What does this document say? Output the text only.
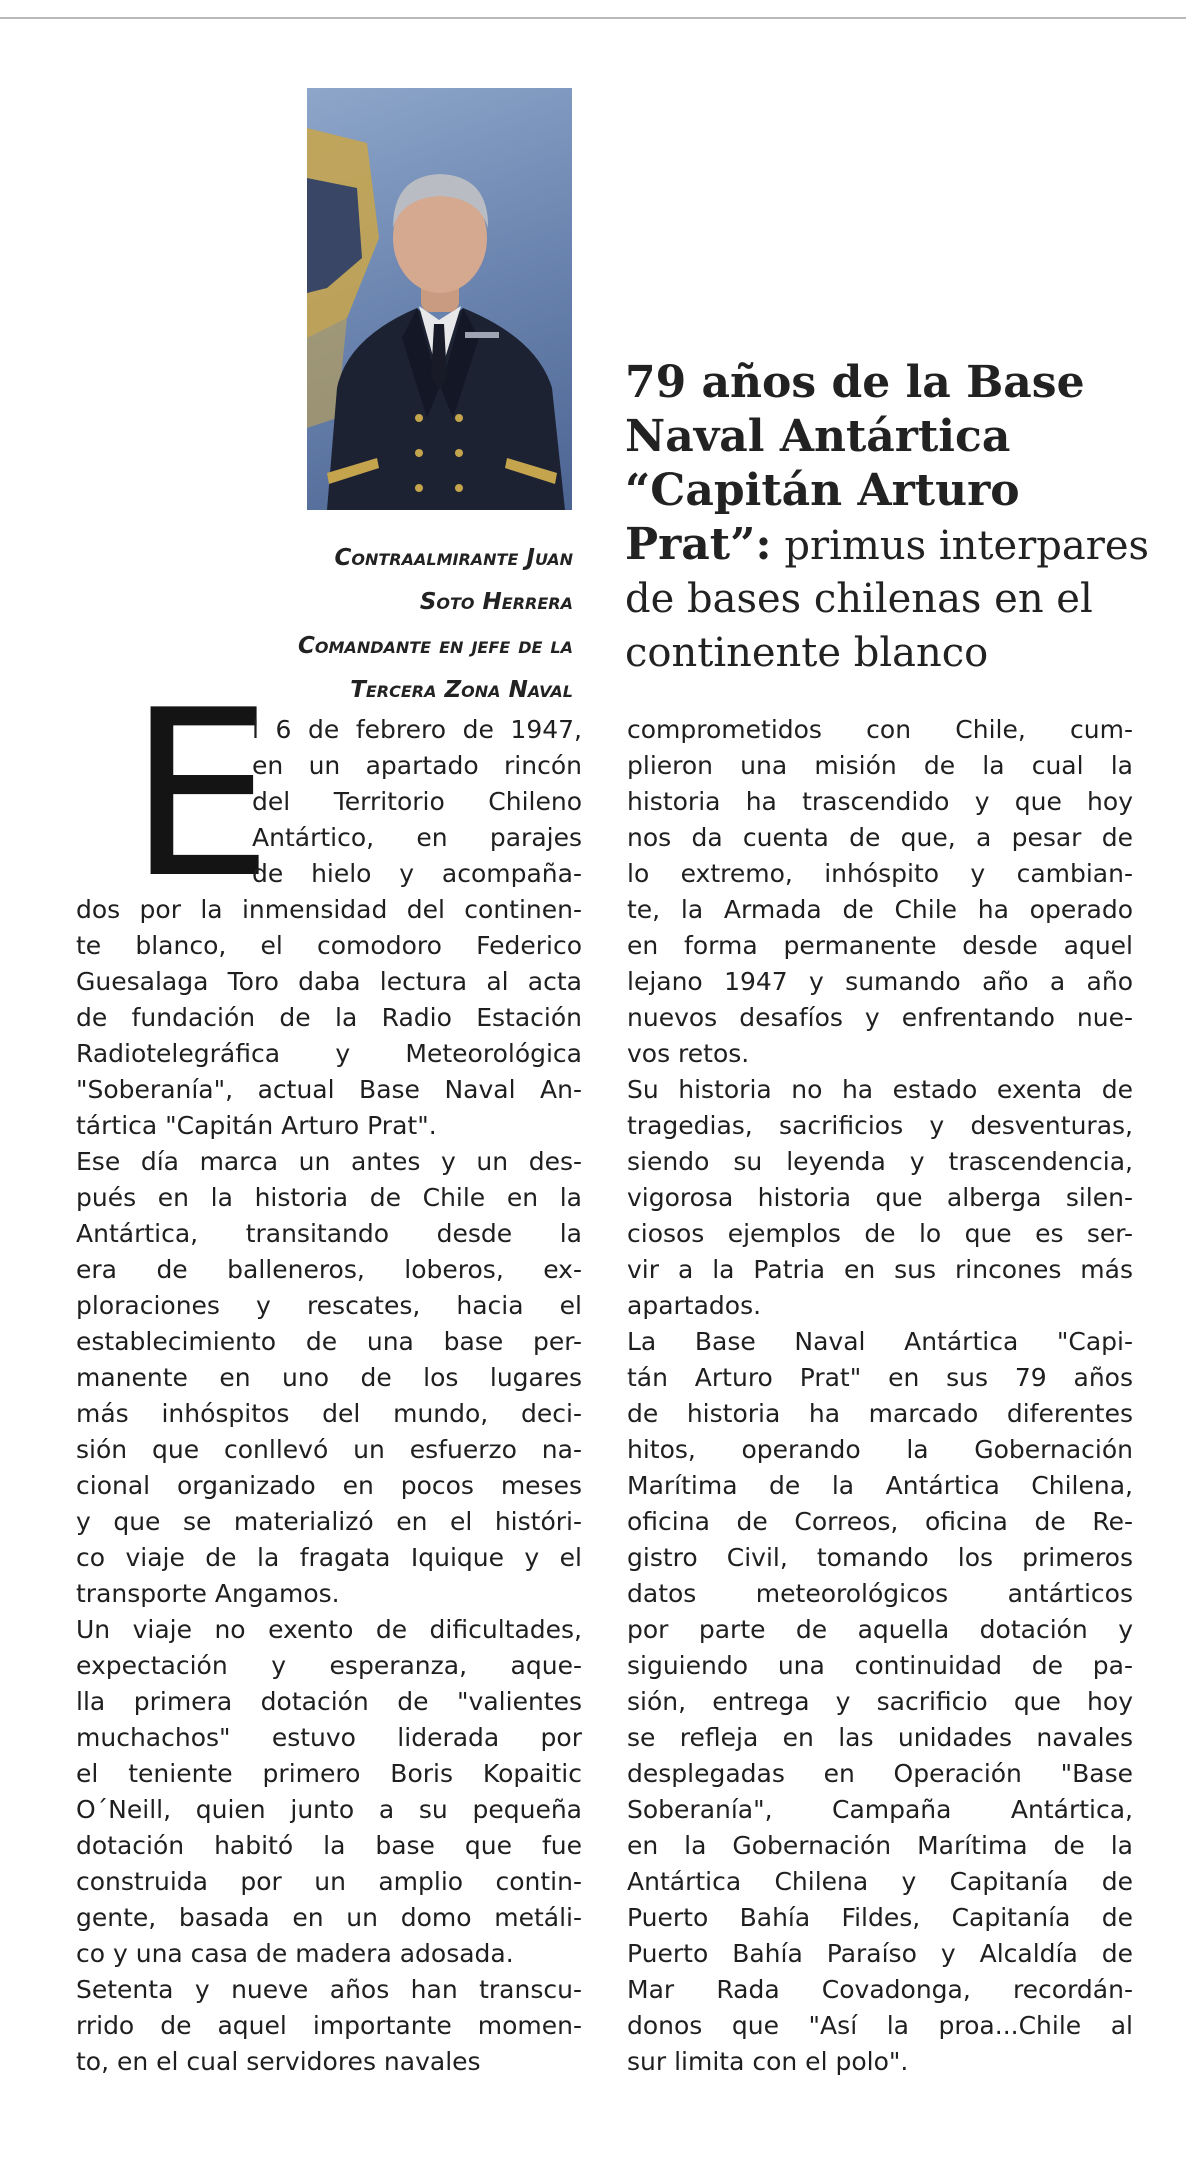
Contraalmirante Juan
Soto Herrera
Comandante en jefe de la
Tercera Zona Naval
79 años de la Base
Naval Antártica
“Capitán Arturo
Prat”: primus interpares
de bases chilenas en el
continente blanco
E
l 6 de febrero de 1947,
en un apartado rincón
del Territorio Chileno
Antártico, en parajes
de hielo y acompaña-
dos por la inmensidad del continen-
te blanco, el comodoro Federico
Guesalaga Toro daba lectura al acta
de fundación de la Radio Estación
Radiotelegráfica y Meteorológica
"Soberanía", actual Base Naval An-
tártica "Capitán Arturo Prat".
Ese día marca un antes y un des-
pués en la historia de Chile en la
Antártica, transitando desde la
era de balleneros, loberos, ex-
ploraciones y rescates, hacia el
establecimiento de una base per-
manente en uno de los lugares
más inhóspitos del mundo, deci-
sión que conllevó un esfuerzo na-
cional organizado en pocos meses
y que se materializó en el históri-
co viaje de la fragata Iquique y el
transporte Angamos.
Un viaje no exento de dificultades,
expectación y esperanza, aque-
lla primera dotación de "valientes
muchachos" estuvo liderada por
el teniente primero Boris Kopaitic
O´Neill, quien junto a su pequeña
dotación habitó la base que fue
construida por un amplio contin-
gente, basada en un domo metáli-
co y una casa de madera adosada.
Setenta y nueve años han transcu-
rrido de aquel importante momen-
to, en el cual servidores navales
comprometidos con Chile, cum-
plieron una misión de la cual la
historia ha trascendido y que hoy
nos da cuenta de que, a pesar de
lo extremo, inhóspito y cambian-
te, la Armada de Chile ha operado
en forma permanente desde aquel
lejano 1947 y sumando año a año
nuevos desafíos y enfrentando nue-
vos retos.
Su historia no ha estado exenta de
tragedias, sacrificios y desventuras,
siendo su leyenda y trascendencia,
vigorosa historia que alberga silen-
ciosos ejemplos de lo que es ser-
vir a la Patria en sus rincones más
apartados.
La Base Naval Antártica "Capi-
tán Arturo Prat" en sus 79 años
de historia ha marcado diferentes
hitos, operando la Gobernación
Marítima de la Antártica Chilena,
oficina de Correos, oficina de Re-
gistro Civil, tomando los primeros
datos meteorológicos antárticos
por parte de aquella dotación y
siguiendo una continuidad de pa-
sión, entrega y sacrificio que hoy
se refleja en las unidades navales
desplegadas en Operación "Base
Soberanía", Campaña Antártica,
en la Gobernación Marítima de la
Antártica Chilena y Capitanía de
Puerto Bahía Fildes, Capitanía de
Puerto Bahía Paraíso y Alcaldía de
Mar Rada Covadonga, recordán-
donos que "Así la proa...Chile al
sur limita con el polo".
